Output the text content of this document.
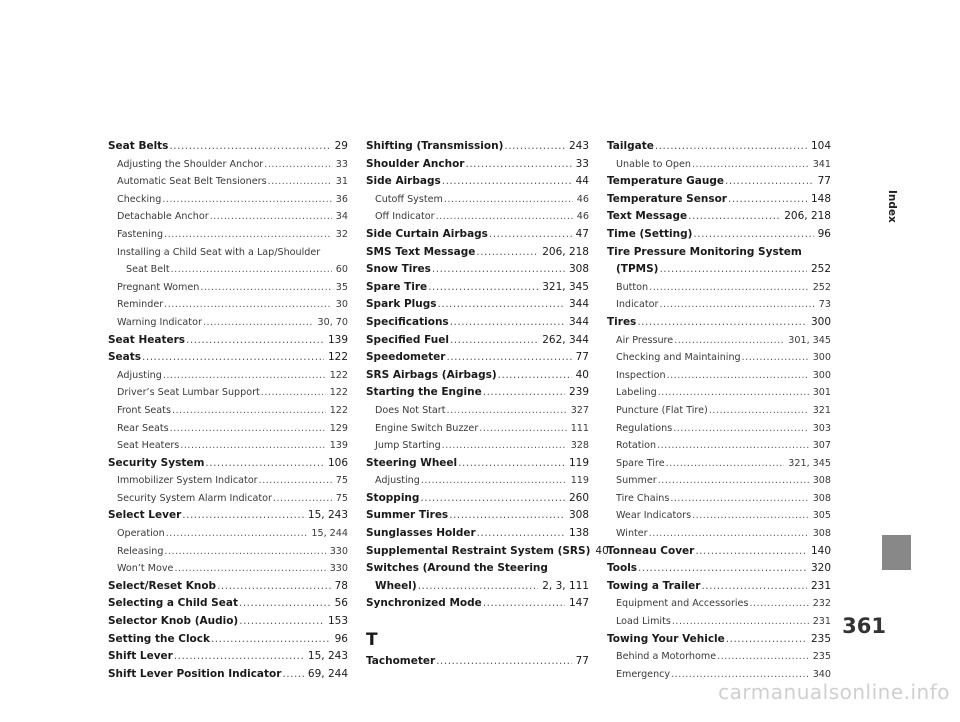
Seat Belts .....	29
Adjusting the Shoulder Anchor .....	33
Automatic Seat Belt Tensioners .....	31
Checking .....	36
Detachable Anchor .....	34
Fastening .....	32
Installing a Child Seat with a Lap/Shoulder
Seat Belt .....	60
Pregnant Women .....	35
Reminder .....	30
Warning Indicator .....	30, 70
Seat Heaters .....	139
Seats .....	122
Adjusting .....	122
Driver’s Seat Lumbar Support .....	122
Front Seats .....	122
Rear Seats .....	129
Seat Heaters .....	139
Security System .....	106
Immobilizer System Indicator .....	75
Security System Alarm Indicator .....	75
Select Lever .....	15, 243
Operation .....	15, 244
Releasing .....	330
Won’t Move .....	330
Select/Reset Knob .....	78
Selecting a Child Seat .....	56
Selector Knob (Audio) .....	153
Setting the Clock .....	96
Shift Lever .....	15, 243
Shift Lever Position Indicator .....	69, 244
Shifting (Transmission) .....	243
Shoulder Anchor .....	33
Side Airbags .....	44
Cutoff System .....	46
Off Indicator .....	46
Side Curtain Airbags .....	47
SMS Text Message .....	206, 218
Snow Tires .....	308
Spare Tire .....	321, 345
Spark Plugs .....	344
Specifications .....	344
Specified Fuel .....	262, 344
Speedometer .....	77
SRS Airbags (Airbags) .....	40
Starting the Engine .....	239
Does Not Start .....	327
Engine Switch Buzzer .....	111
Jump Starting .....	328
Steering Wheel .....	119
Adjusting .....	119
Stopping .....	260
Summer Tires .....	308
Sunglasses Holder .....	138
Supplemental Restraint System (SRS) 40
Switches (Around the Steering
Wheel) .....	2, 3, 111
Synchronized Mode .....	147
T
Tachometer .....	77
Tailgate .....	104
Unable to Open .....	341
Temperature Gauge .....	77
Temperature Sensor .....	148
Text Message .....	206, 218
Time (Setting) .....	96
Tire Pressure Monitoring System
(TPMS) .....	252
Button .....	252
Indicator .....	73
Tires .....	300
Air Pressure .....	301, 345
Checking and Maintaining .....	300
Inspection .....	300
Labeling .....	301
Puncture (Flat Tire) .....	321
Regulations .....	303
Rotation .....	307
Spare Tire .....	321, 345
Summer .....	308
Tire Chains .....	308
Wear Indicators .....	305
Winter .....	308
Tonneau Cover .....	140
Tools .....	320
Towing a Trailer .....	231
Equipment and Accessories .....	232
Load Limits .....	231
Towing Your Vehicle .....	235
Behind a Motorhome .....	235
Emergency .....	340
Index
361
carmanualsonline.info
